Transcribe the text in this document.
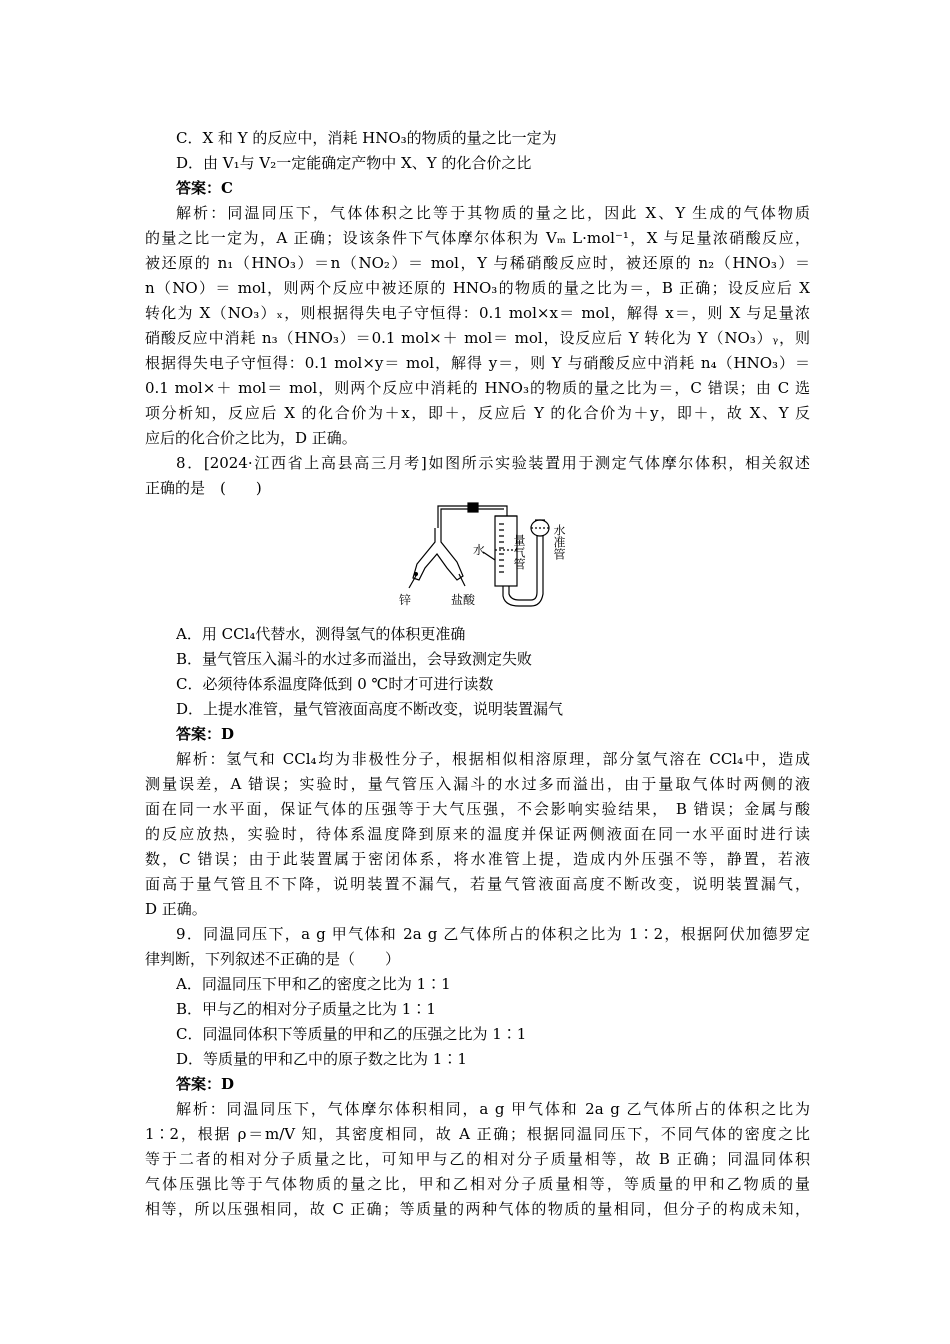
C．X 和 Y 的反应中，消耗 HNO₃的物质的量之比一定为
D．由 V₁与 V₂一定能确定产物中 X、Y 的化合价之比
答案：C
解析：同温同压下，气体体积之比等于其物质的量之比，因此 X、Y 生成的气体物质
的量之比一定为，A 正确；设该条件下气体摩尔体积为 Vₘ L·mol⁻¹，X 与足量浓硝酸反应，
被还原的 n₁（HNO₃）＝n（NO₂）＝ mol，Y 与稀硝酸反应时，被还原的 n₂（HNO₃）＝
n（NO）＝ mol，则两个反应中被还原的 HNO₃的物质的量之比为＝，B 正确；设反应后 X
转化为 X（NO₃）ₓ，则根据得失电子守恒得：0.1 mol×x＝ mol，解得 x＝，则 X 与足量浓
硝酸反应中消耗 n₃（HNO₃）＝0.1 mol×＋ mol＝ mol，设反应后 Y 转化为 Y（NO₃）ᵧ，则
根据得失电子守恒得：0.1 mol×y＝ mol，解得 y＝，则 Y 与硝酸反应中消耗 n₄（HNO₃）＝
0.1 mol×＋ mol＝ mol，则两个反应中消耗的 HNO₃的物质的量之比为＝，C 错误；由 C 选
项分析知，反应后 X 的化合价为＋x，即＋，反应后 Y 的化合价为＋y，即＋，故 X、Y 反
应后的化合价之比为，D 正确。
8．[2024·江西省上高县高三月考]如图所示实验装置用于测定气体摩尔体积，相关叙述
正确的是　(　　)
锌	盐酸
水 量气管 水准管
A．用 CCl₄代替水，测得氢气的体积更准确
B．量气管压入漏斗的水过多而溢出，会导致测定失败
C．必须待体系温度降低到 0 ℃时才可进行读数
D．上提水准管，量气管液面高度不断改变，说明装置漏气
答案：D
解析：氢气和 CCl₄均为非极性分子，根据相似相溶原理，部分氢气溶在 CCl₄中，造成
测量误差，A 错误；实验时，量气管压入漏斗的水过多而溢出，由于量取气体时两侧的液
面在同一水平面，保证气体的压强等于大气压强，不会影响实验结果， B 错误；金属与酸
的反应放热，实验时，待体系温度降到原来的温度并保证两侧液面在同一水平面时进行读
数，C 错误；由于此装置属于密闭体系，将水准管上提，造成内外压强不等，静置，若液
面高于量气管且不下降，说明装置不漏气，若量气管液面高度不断改变，说明装置漏气，
D 正确。
9．同温同压下，a g 甲气体和 2a g 乙气体所占的体积之比为 1∶2，根据阿伏加德罗定
律判断，下列叙述不正确的是（　　）
A．同温同压下甲和乙的密度之比为 1∶1
B．甲与乙的相对分子质量之比为 1∶1
C．同温同体积下等质量的甲和乙的压强之比为 1∶1
D．等质量的甲和乙中的原子数之比为 1∶1
答案：D
解析：同温同压下，气体摩尔体积相同，a g 甲气体和 2a g 乙气体所占的体积之比为
1∶2，根据 ρ＝m/V 知，其密度相同，故 A 正确；根据同温同压下，不同气体的密度之比
等于二者的相对分子质量之比，可知甲与乙的相对分子质量相等，故 B 正确；同温同体积
气体压强比等于气体物质的量之比，甲和乙相对分子质量相等，等质量的甲和乙物质的量
相等，所以压强相同，故 C 正确；等质量的两种气体的物质的量相同，但分子的构成未知，
